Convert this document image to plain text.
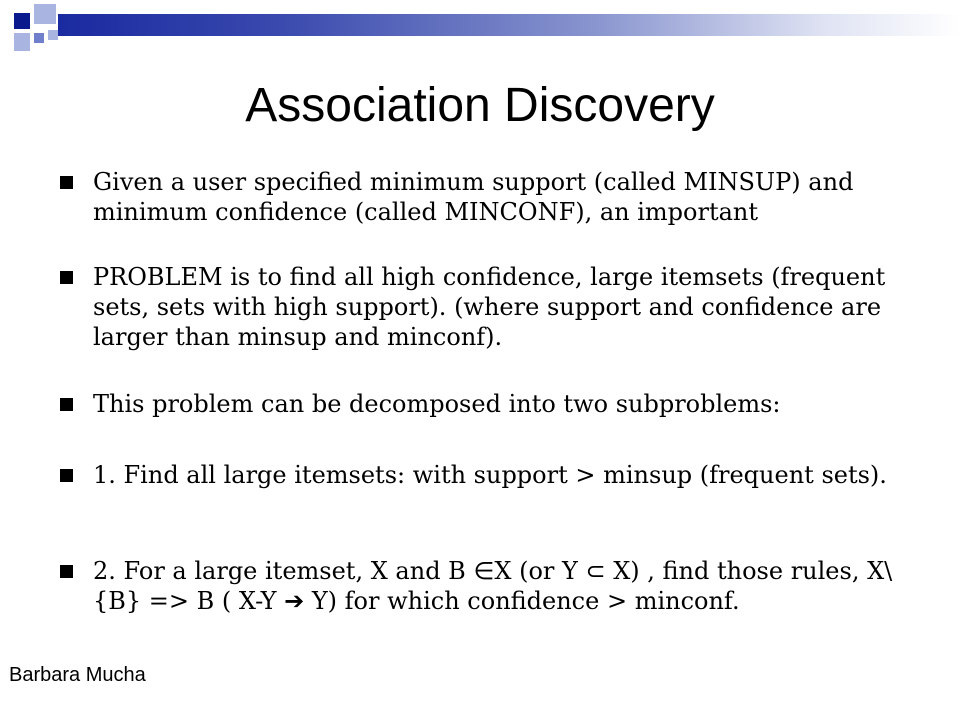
Association Discovery
Given a user specified minimum support (called MINSUP) and minimum confidence (called MINCONF), an important
PROBLEM is to find all high confidence, large itemsets (frequent sets, sets with high support). (where support and confidence are larger than minsup and minconf).
This problem can be decomposed into two subproblems:
1. Find all large itemsets: with support > minsup (frequent sets).
2. For a large itemset, X and B ∈X (or Y ⊂ X) , find those rules, X\{B} => B ( X-Y ➔ Y) for which confidence > minconf.
Barbara Mucha
